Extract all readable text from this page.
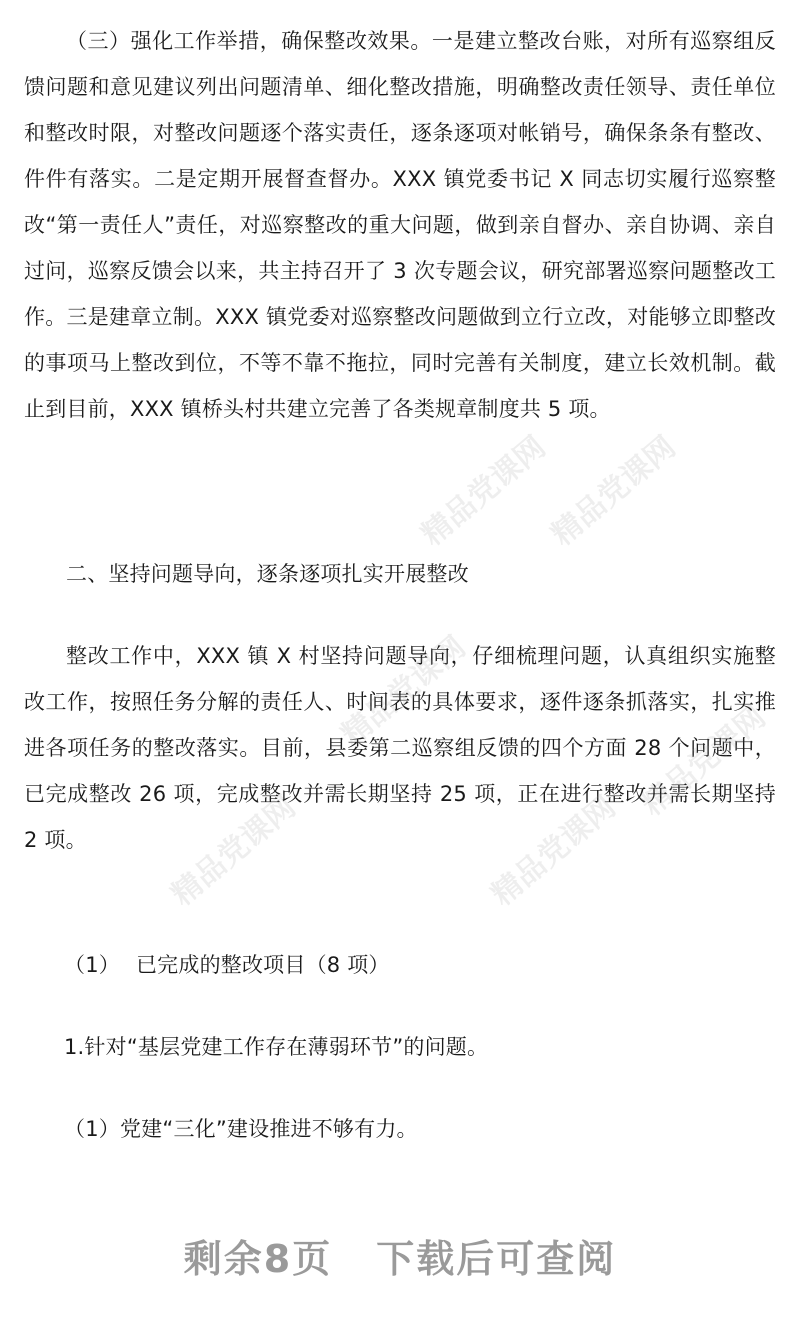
（三）强化工作举措，确保整改效果。一是建立整改台账，对所有巡察组反馈问题和意见建议列出问题清单、细化整改措施，明确整改责任领导、责任单位和整改时限，对整改问题逐个落实责任，逐条逐项对帐销号，确保条条有整改、件件有落实。二是定期开展督查督办。XXX 镇党委书记 X 同志切实履行巡察整改“第一责任人”责任，对巡察整改的重大问题，做到亲自督办、亲自协调、亲自过问，巡察反馈会以来，共主持召开了 3 次专题会议，研究部署巡察问题整改工作。三是建章立制。XXX 镇党委对巡察整改问题做到立行立改，对能够立即整改的事项马上整改到位，不等不靠不拖拉，同时完善有关制度，建立长效机制。截止到目前，XXX 镇桥头村共建立完善了各类规章制度共 5 项。

二、坚持问题导向，逐条逐项扎实开展整改

整改工作中，XXX 镇 X 村坚持问题导向，仔细梳理问题，认真组织实施整改工作，按照任务分解的责任人、时间表的具体要求，逐件逐条抓落实，扎实推进各项任务的整改落实。目前，县委第二巡察组反馈的四个方面 28 个问题中，已完成整改 26 项，完成整改并需长期坚持 25 项，正在进行整改并需长期坚持 2 项。

（1） 已完成的整改项目（8 项）

1.针对“基层党建工作存在薄弱环节”的问题。

（1）党建“三化”建设推进不够有力。

精品党课网
精品党课网
精品党课网
精品党课网	精品党课网
精品党课网
剩余8页 下载后可查阅
